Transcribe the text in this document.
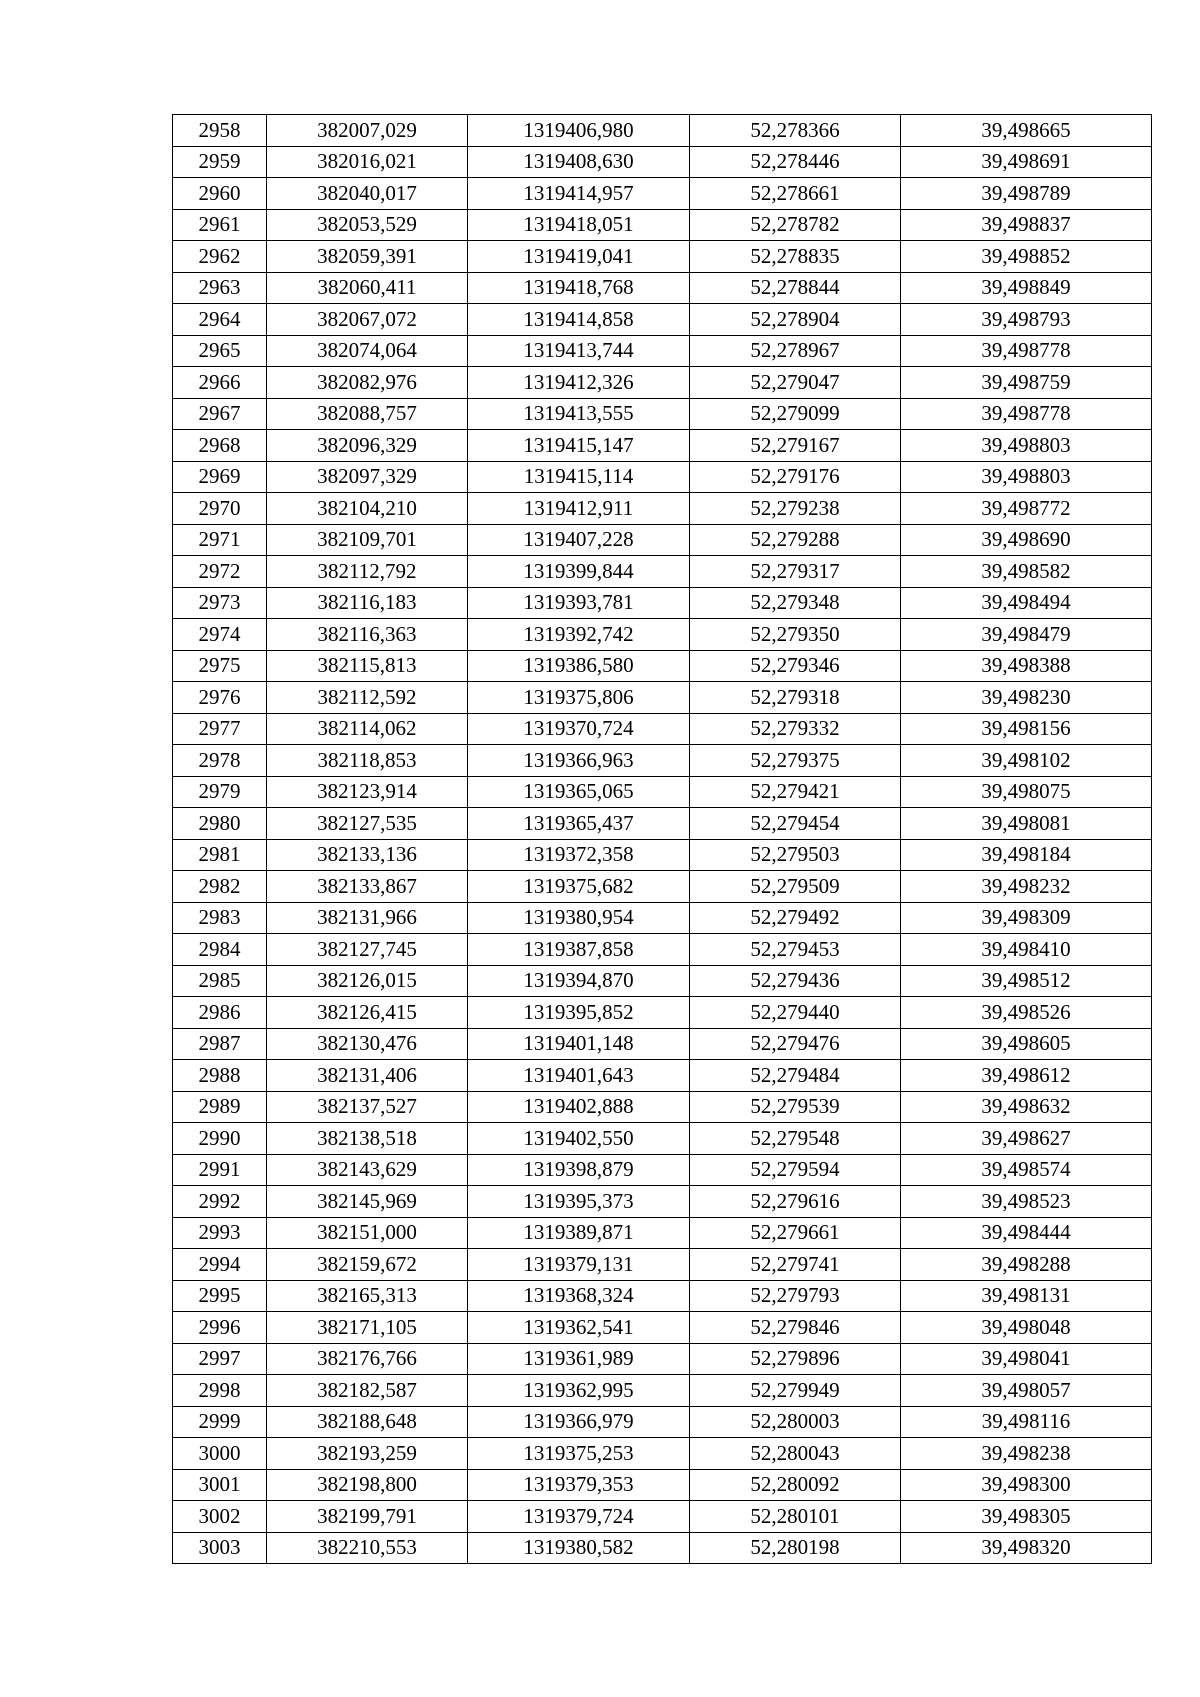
2958	382007,029	1319406,980	52,278366	39,498665
2959	382016,021	1319408,630	52,278446	39,498691
2960	382040,017	1319414,957	52,278661	39,498789
2961	382053,529	1319418,051	52,278782	39,498837
2962	382059,391	1319419,041	52,278835	39,498852
2963	382060,411	1319418,768	52,278844	39,498849
2964	382067,072	1319414,858	52,278904	39,498793
2965	382074,064	1319413,744	52,278967	39,498778
2966	382082,976	1319412,326	52,279047	39,498759
2967	382088,757	1319413,555	52,279099	39,498778
2968	382096,329	1319415,147	52,279167	39,498803
2969	382097,329	1319415,114	52,279176	39,498803
2970	382104,210	1319412,911	52,279238	39,498772
2971	382109,701	1319407,228	52,279288	39,498690
2972	382112,792	1319399,844	52,279317	39,498582
2973	382116,183	1319393,781	52,279348	39,498494
2974	382116,363	1319392,742	52,279350	39,498479
2975	382115,813	1319386,580	52,279346	39,498388
2976	382112,592	1319375,806	52,279318	39,498230
2977	382114,062	1319370,724	52,279332	39,498156
2978	382118,853	1319366,963	52,279375	39,498102
2979	382123,914	1319365,065	52,279421	39,498075
2980	382127,535	1319365,437	52,279454	39,498081
2981	382133,136	1319372,358	52,279503	39,498184
2982	382133,867	1319375,682	52,279509	39,498232
2983	382131,966	1319380,954	52,279492	39,498309
2984	382127,745	1319387,858	52,279453	39,498410
2985	382126,015	1319394,870	52,279436	39,498512
2986	382126,415	1319395,852	52,279440	39,498526
2987	382130,476	1319401,148	52,279476	39,498605
2988	382131,406	1319401,643	52,279484	39,498612
2989	382137,527	1319402,888	52,279539	39,498632
2990	382138,518	1319402,550	52,279548	39,498627
2991	382143,629	1319398,879	52,279594	39,498574
2992	382145,969	1319395,373	52,279616	39,498523
2993	382151,000	1319389,871	52,279661	39,498444
2994	382159,672	1319379,131	52,279741	39,498288
2995	382165,313	1319368,324	52,279793	39,498131
2996	382171,105	1319362,541	52,279846	39,498048
2997	382176,766	1319361,989	52,279896	39,498041
2998	382182,587	1319362,995	52,279949	39,498057
2999	382188,648	1319366,979	52,280003	39,498116
3000	382193,259	1319375,253	52,280043	39,498238
3001	382198,800	1319379,353	52,280092	39,498300
3002	382199,791	1319379,724	52,280101	39,498305
3003	382210,553	1319380,582	52,280198	39,498320
